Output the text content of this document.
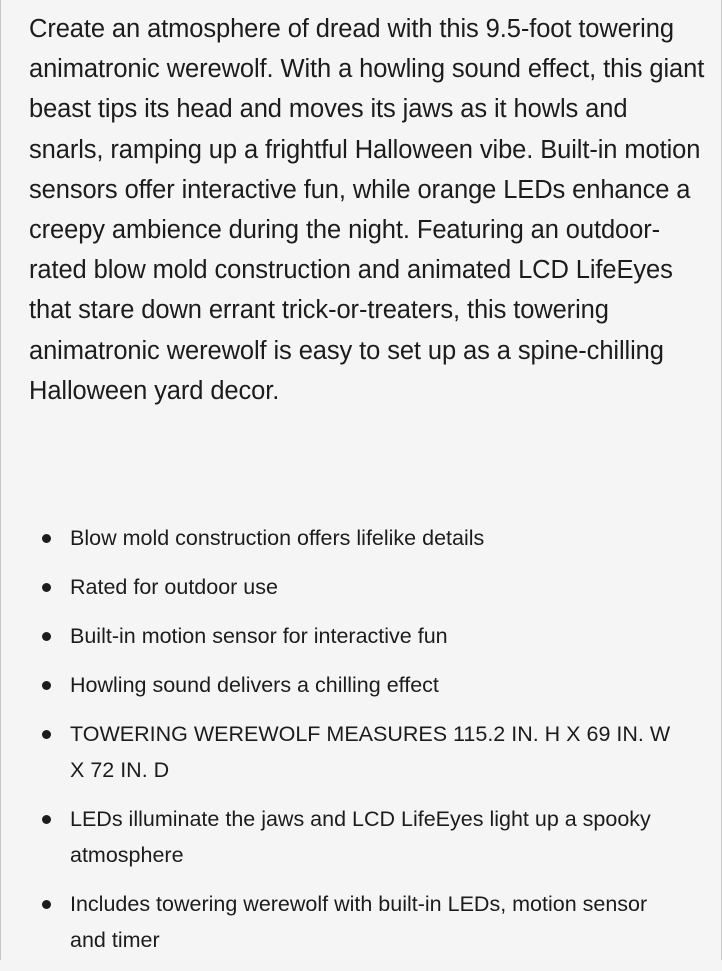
Create an atmosphere of dread with this 9.5-foot towering animatronic werewolf. With a howling sound effect, this giant beast tips its head and moves its jaws as it howls and snarls, ramping up a frightful Halloween vibe. Built-in motion sensors offer interactive fun, while orange LEDs enhance a creepy ambience during the night. Featuring an outdoor-rated blow mold construction and animated LCD LifeEyes that stare down errant trick-or-treaters, this towering animatronic werewolf is easy to set up as a spine-chilling Halloween yard decor.

Blow mold construction offers lifelike details
Rated for outdoor use
Built-in motion sensor for interactive fun
Howling sound delivers a chilling effect
TOWERING WEREWOLF MEASURES 115.2 IN. H X 69 IN. W X 72 IN. D
LEDs illuminate the jaws and LCD LifeEyes light up a spooky atmosphere
Includes towering werewolf with built-in LEDs, motion sensor and timer
